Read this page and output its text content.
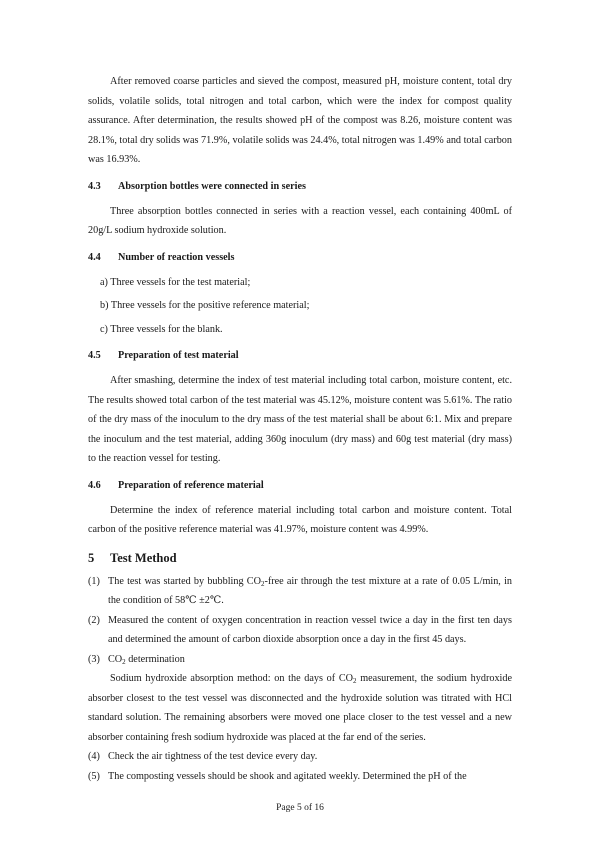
After removed coarse particles and sieved the compost, measured pH, moisture content, total dry solids, volatile solids, total nitrogen and total carbon, which were the index for compost quality assurance. After determination, the results showed pH of the compost was 8.26, moisture content was 28.1%, total dry solids was 71.9%, volatile solids was 24.4%, total nitrogen was 1.49% and total carbon was 16.93%.

4.3 Absorption bottles were connected in series

Three absorption bottles connected in series with a reaction vessel, each containing 400mL of 20g/L sodium hydroxide solution.

4.4 Number of reaction vessels

a) Three vessels for the test material;

b) Three vessels for the positive reference material;

c) Three vessels for the blank.

4.5 Preparation of test material

After smashing, determine the index of test material including total carbon, moisture content, etc. The results showed total carbon of the test material was 45.12%, moisture content was 5.61%. The ratio of the dry mass of the inoculum to the dry mass of the test material shall be about 6:1. Mix and prepare the inoculum and the test material, adding 360g inoculum (dry mass) and 60g test material (dry mass) to the reaction vessel for testing.

4.6 Preparation of reference material

Determine the index of reference material including total carbon and moisture content. Total carbon of the positive reference material was 41.97%, moisture content was 4.99%.

5 Test Method

(1) The test was started by bubbling $CO_2$-free air through the test mixture at a rate of 0.05 L/min, in the condition of 58℃ ±2℃.

(2) Measured the content of oxygen concentration in reaction vessel twice a day in the first ten days and determined the amount of carbon dioxide absorption once a day in the first 45 days.

(3) $CO_2$ determination

Sodium hydroxide absorption method: on the days of $CO_2$ measurement, the sodium hydroxide absorber closest to the test vessel was disconnected and the hydroxide solution was titrated with HCl standard solution. The remaining absorbers were moved one place closer to the test vessel and a new absorber containing fresh sodium hydroxide was placed at the far end of the series.

(4) Check the air tightness of the test device every day.

(5) The composting vessels should be shook and agitated weekly. Determined the pH of the

Page 5 of 16
